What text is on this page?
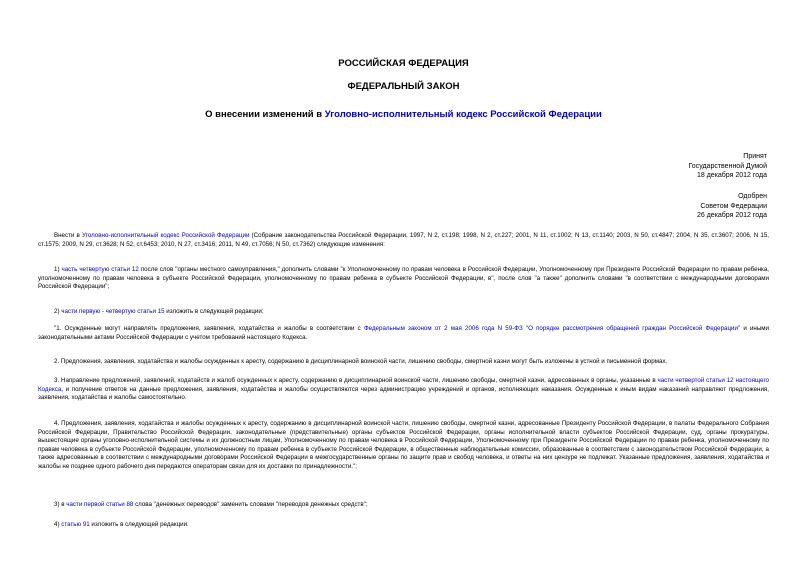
РОССИЙСКАЯ ФЕДЕРАЦИЯ
ФЕДЕРАЛЬНЫЙ ЗАКОН
О внесении изменений в Уголовно-исполнительный кодекс Российской Федерации
Принят
Государственной Думой
18 декабря 2012 года
Одобрен
Советом Федерации
26 декабря 2012 года
Внести в Уголовно-исполнительный кодекс Российской Федерации (Собрание законодательства Российской Федерации, 1997, N 2, ст.198; 1998, N 2, ст.227; 2001, N 11, ст.1002; N 13, ст.1140; 2003, N 50, ст.4847; 2004, N 35, ст.3607; 2006, N 15, ст.1575; 2009, N 29, ст.3628; N 52, ст.6453; 2010, N 27, ст.3416; 2011, N 49, ст.7056; N 50, ст.7362) следующие изменения:
1) часть четвертую статьи 12 после слов "органы местного самоуправления," дополнить словами "к Уполномоченному по правам человека в Российской Федерации, Уполномоченному при Президенте Российской Федерации по правам ребенка, уполномоченному по правам человека в субъекте Российской Федерации, уполномоченному по правам ребенка в субъекте Российской Федерации, в", после слов "а также" дополнить словами "в соответствии с международными договорами Российской Федерации";
2) части первую - четвертую статьи 15 изложить в следующей редакции:
"1. Осужденные могут направлять предложения, заявления, ходатайства и жалобы в соответствии с Федеральным законом от 2 мая 2006 года N 59-ФЗ "О порядке рассмотрения обращений граждан Российской Федерации" и иными законодательными актами Российской Федерации с учетом требований настоящего Кодекса.
2. Предложения, заявления, ходатайства и жалобы осужденных к аресту, содержанию в дисциплинарной воинской части, лишению свободы, смертной казни могут быть изложены в устной и письменной формах.
3. Направление предложений, заявлений, ходатайств и жалоб осужденных к аресту, содержанию в дисциплинарной воинской части, лишению свободы, смертной казни, адресованных в органы, указанные в части четвертой статьи 12 настоящего Кодекса, и получение ответов на данные предложения, заявления, ходатайства и жалобы осуществляются через администрацию учреждений и органов, исполняющих наказания. Осужденные к иным видам наказаний направляют предложения, заявления, ходатайства и жалобы самостоятельно.
4. Предложения, заявления, ходатайства и жалобы осужденных к аресту, содержанию в дисциплинарной воинской части, лишению свободы, смертной казни, адресованные Президенту Российской Федерации, в палаты Федерального Собрания Российской Федерации, Правительство Российской Федерации, законодательные (представительные) органы субъектов Российской Федерации, органы исполнительной власти субъектов Российской Федерации, суд, органы прокуратуры, вышестоящие органы уголовно-исполнительной системы и их должностным лицам, Уполномоченному по правам человека в Российской Федерации, Уполномоченному при Президенте Российской Федерации по правам ребенка, уполномоченному по правам человека в субъекте Российской Федерации, уполномоченному по правам ребенка в субъекте Российской Федерации, в общественные наблюдательные комиссии, образованные в соответствии с законодательством Российской Федерации, а также адресованные в соответствии с международными договорами Российской Федерации в межгосударственные органы по защите прав и свобод человека, и ответы на них цензуре не подлежат. Указанные предложения, заявления, ходатайства и жалобы не позднее одного рабочего дня передаются операторам связи для их доставки по принадлежности.";
3) в части первой статьи 88 слова "денежных переводов" заменить словами "переводов денежных средств";
4) статью 91 изложить в следующей редакции:
